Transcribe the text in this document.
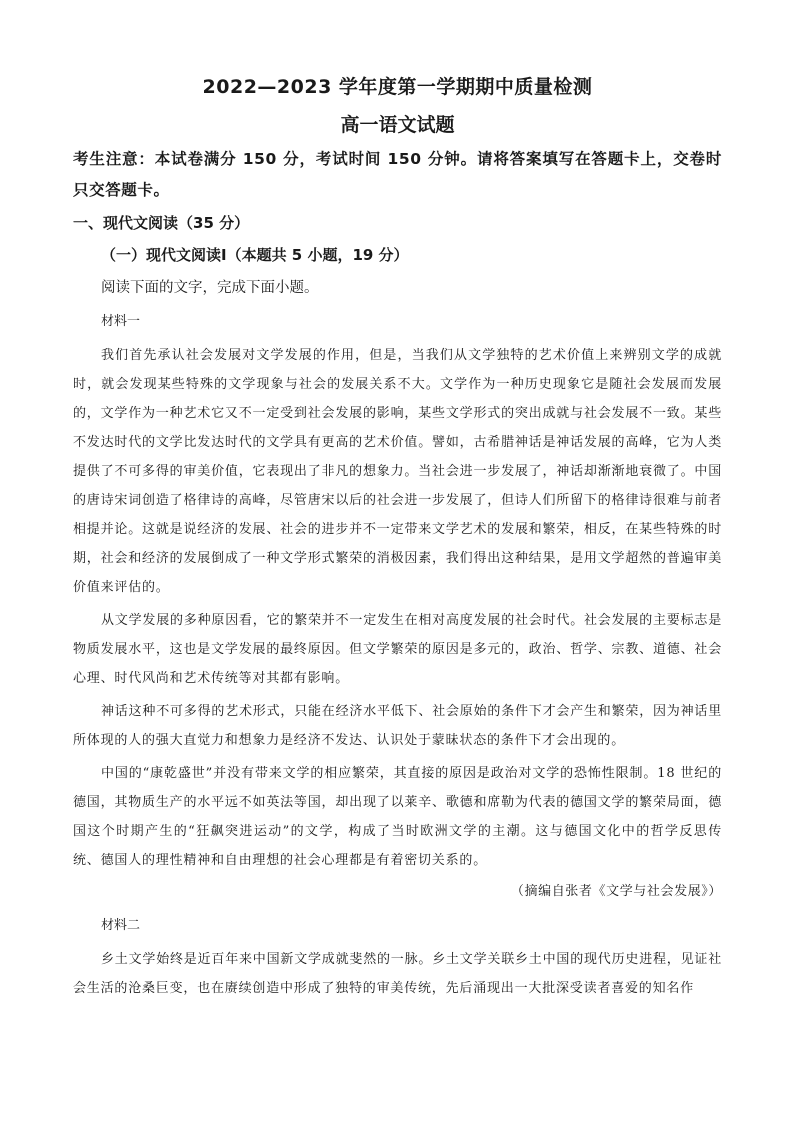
2022—2023 学年度第一学期期中质量检测
高一语文试题

考生注意：本试卷满分 150 分，考试时间 150 分钟。请将答案填写在答题卡上，交卷时只交答题卡。

一、现代文阅读（35 分）
（一）现代文阅读Ⅰ（本题共 5 小题，19 分）
阅读下面的文字，完成下面小题。
材料一

我们首先承认社会发展对文学发展的作用，但是，当我们从文学独特的艺术价值上来辨别文学的成就时，就会发现某些特殊的文学现象与社会的发展关系不大。文学作为一种历史现象它是随社会发展而发展的，文学作为一种艺术它又不一定受到社会发展的影响，某些文学形式的突出成就与社会发展不一致。某些不发达时代的文学比发达时代的文学具有更高的艺术价值。譬如，古希腊神话是神话发展的高峰，它为人类提供了不可多得的审美价值，它表现出了非凡的想象力。当社会进一步发展了，神话却渐渐地衰微了。中国的唐诗宋词创造了格律诗的高峰，尽管唐宋以后的社会进一步发展了，但诗人们所留下的格律诗很难与前者相提并论。这就是说经济的发展、社会的进步并不一定带来文学艺术的发展和繁荣，相反，在某些特殊的时期，社会和经济的发展倒成了一种文学形式繁荣的消极因素，我们得出这种结果，是用文学超然的普遍审美价值来评估的。

从文学发展的多种原因看，它的繁荣并不一定发生在相对高度发展的社会时代。社会发展的主要标志是物质发展水平，这也是文学发展的最终原因。但文学繁荣的原因是多元的，政治、哲学、宗教、道德、社会心理、时代风尚和艺术传统等对其都有影响。

神话这种不可多得的艺术形式，只能在经济水平低下、社会原始的条件下才会产生和繁荣，因为神话里所体现的人的强大直觉力和想象力是经济不发达、认识处于蒙昧状态的条件下才会出现的。

中国的“康乾盛世”并没有带来文学的相应繁荣，其直接的原因是政治对文学的恐怖性限制。18 世纪的德国，其物质生产的水平远不如英法等国，却出现了以莱辛、歌德和席勒为代表的德国文学的繁荣局面，德国这个时期产生的“狂飙突进运动”的文学，构成了当时欧洲文学的主潮。这与德国文化中的哲学反思传统、德国人的理性精神和自由理想的社会心理都是有着密切关系的。

（摘编自张者《文学与社会发展》）
材料二

乡土文学始终是近百年来中国新文学成就斐然的一脉。乡土文学关联乡土中国的现代历史进程，见证社会生活的沧桑巨变，也在赓续创造中形成了独特的审美传统，先后涌现出一大批深受读者喜爱的知名作
